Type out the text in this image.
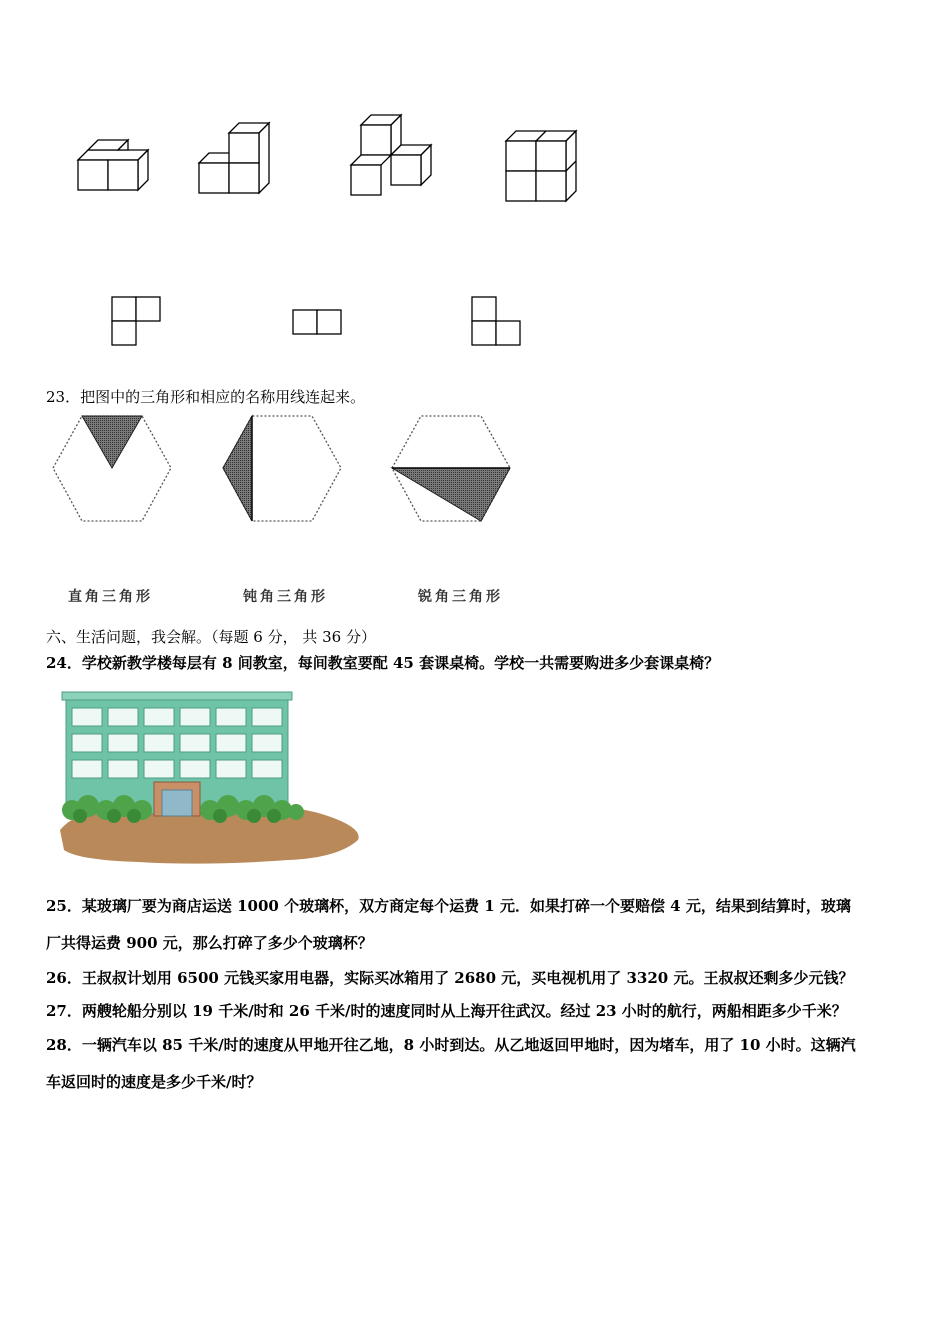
23．把图中的三角形和相应的名称用线连起来。
直角三角形	钝角三角形	锐角三角形
六、生活问题，我会解。（每题 6 分， 共 36 分）
24．学校新教学楼每层有 8 间教室，每间教室要配 45 套课桌椅。学校一共需要购进多少套课桌椅？
25．某玻璃厂要为商店运送 1000 个玻璃杯，双方商定每个运费 1 元．如果打碎一个要赔偿 4 元，结果到结算时，玻璃
厂共得运费 900 元，那么打碎了多少个玻璃杯？
26．王叔叔计划用 6500 元钱买家用电器，实际买冰箱用了 2680 元，买电视机用了 3320 元。王叔叔还剩多少元钱？
27．两艘轮船分别以 19 千米/时和 26 千米/时的速度同时从上海开往武汉。经过 23 小时的航行，两船相距多少千米？
28．一辆汽车以 85 千米/时的速度从甲地开往乙地，8 小时到达。从乙地返回甲地时，因为堵车，用了 10 小时。这辆汽
车返回时的速度是多少千米/时？
